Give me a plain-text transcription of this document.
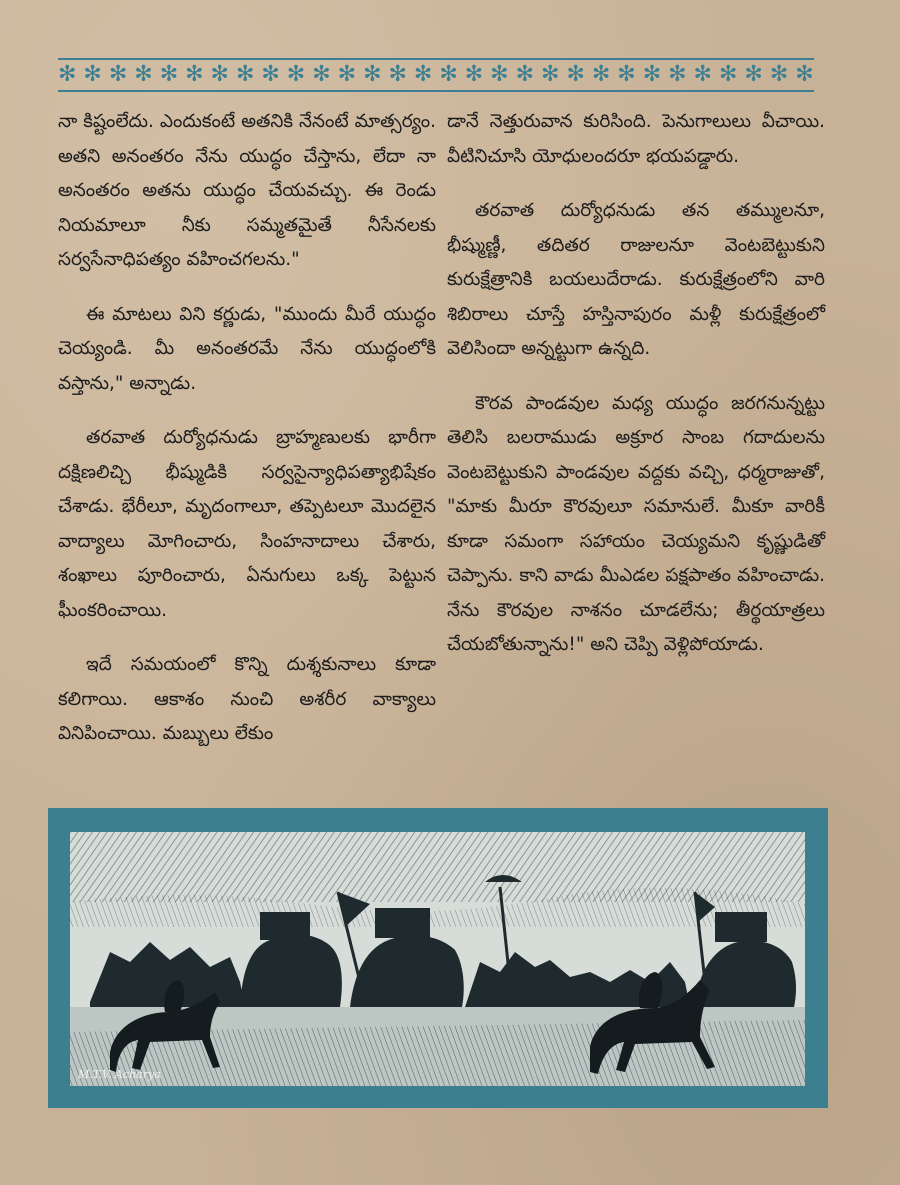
✻ ✻ ✻ ✻ ✻ ✻ ✻ ✻ ✻ ✻ ✻ ✻ ✻ ✻ ✻ ✻ ✻ ✻ ✻ ✻ ✻ ✻ ✻ ✻ ✻ ✻ ✻ ✻ ✻ ✻

నా కిష్టంలేదు. ఎందుకంటే అతనికి నేనంటే మాత్సర్యం. అతని అనంతరం నేను యుద్ధం చేస్తాను, లేదా నా అనంతరం అతను యుద్ధం చేయవచ్చు. ఈ రెండు నియమాలూ నీకు సమ్మతమైతే నీసేనలకు సర్వసేనాధిపత్యం వహించగలను."

ఈ మాటలు విని కర్ణుడు, "ముందు మీరే యుద్ధం చెయ్యండి. మీ అనంతరమే నేను యుద్ధంలోకి వస్తాను," అన్నాడు.

తరవాత దుర్యోధనుడు బ్రాహ్మణులకు భారీగా దక్షిణలిచ్చి భీష్ముడికి సర్వసైన్యాధిపత్యాభిషేకం చేశాడు. భేరీలూ, మృదంగాలూ, తప్పెటలూ మొదలైన వాద్యాలు మోగించారు, సింహనాదాలు చేశారు, శంఖాలు పూరించారు, ఏనుగులు ఒక్క పెట్టున ఘీంకరించాయి.

ఇదే సమయంలో కొన్ని దుశ్శకునాలు కూడా కలిగాయి. ఆకాశం నుంచి అశరీర వాక్యాలు వినిపించాయి. మబ్బులు లేకుం

డానే నెత్తురువాన కురిసింది. పెనుగాలులు వీచాయి. వీటినిచూసి యోధులందరూ భయపడ్డారు.

తరవాత దుర్యోధనుడు తన తమ్ములనూ, భీష్ముణ్ణీ, తదితర రాజులనూ వెంటబెట్టుకుని కురుక్షేత్రానికి బయలుదేరాడు. కురుక్షేత్రంలోని వారి శిబిరాలు చూస్తే హస్తినాపురం మళ్లీ కురుక్షేత్రంలో వెలిసిందా అన్నట్టుగా ఉన్నది.

కౌరవ పాండవుల మధ్య యుద్ధం జరగనున్నట్టు తెలిసి బలరాముడు అక్రూర సాంబ గదాదులను వెంటబెట్టుకుని పాండవుల వద్దకు వచ్చి, ధర్మరాజుతో, "మాకు మీరూ కౌరవులూ సమానులే. మీకూ వారికీ కూడా సమంగా సహాయం చెయ్యమని కృష్ణుడితో చెప్పాను. కాని వాడు మీఎడల పక్షపాతం వహించాడు. నేను కౌరవుల నాశనం చూడలేను; తీర్థయాత్రలు చేయబోతున్నాను!" అని చెప్పి వెళ్లిపోయాడు.

M.T.V. Acharya
